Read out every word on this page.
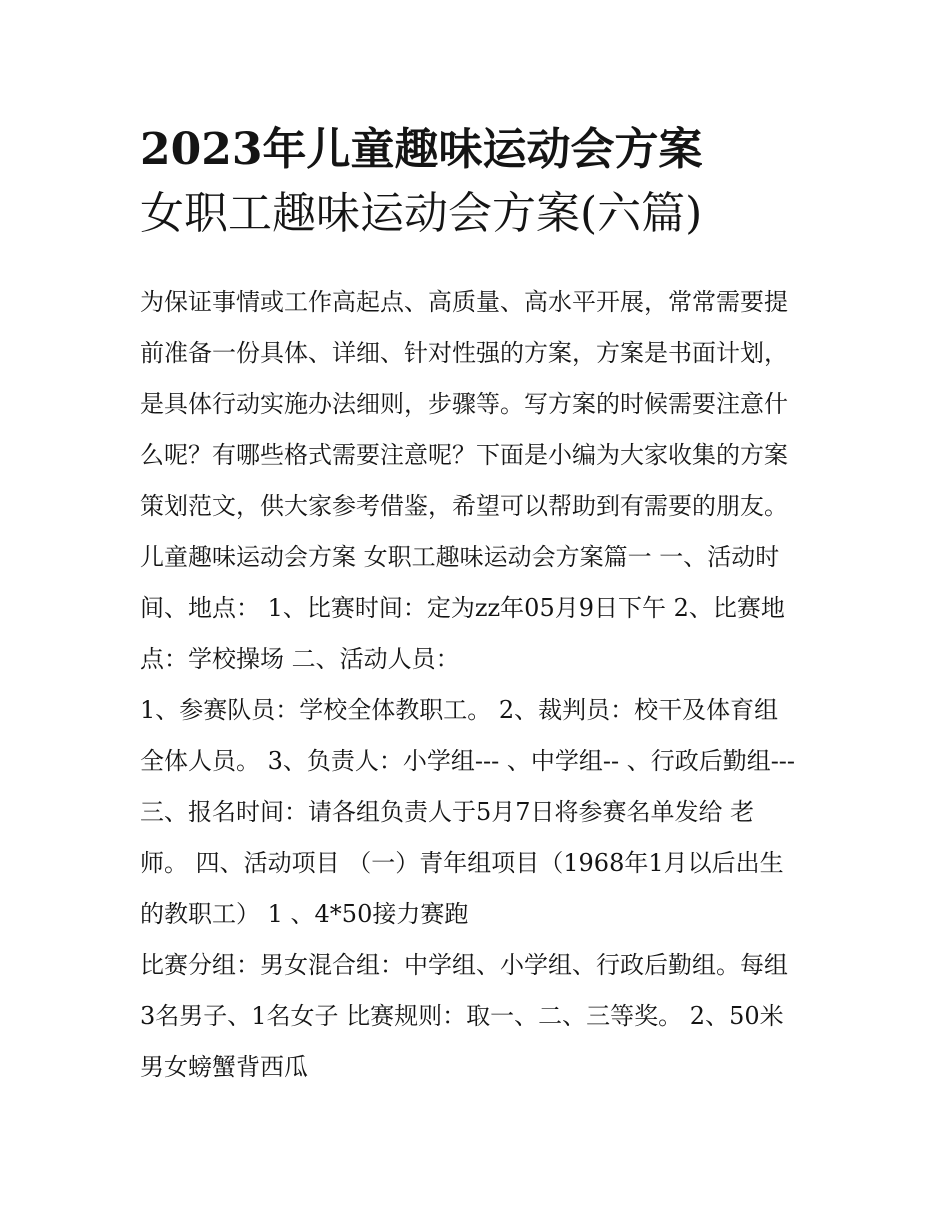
2023年儿童趣味运动会方案
女职工趣味运动会方案(六篇)
为保证事情或工作高起点、高质量、高水平开展，常常需要提
前准备一份具体、详细、针对性强的方案，方案是书面计划，
是具体行动实施办法细则，步骤等。写方案的时候需要注意什
么呢？有哪些格式需要注意呢？下面是小编为大家收集的方案
策划范文，供大家参考借鉴，希望可以帮助到有需要的朋友。
儿童趣味运动会方案 女职工趣味运动会方案篇一 一、活动时
间、地点： 1、比赛时间：定为zz年05月9日下午 2、比赛地
点：学校操场 二、活动人员：
1、参赛队员：学校全体教职工。 2、裁判员：校干及体育组
全体人员。 3、负责人：小学组--- 、中学组-- 、行政后勤组---
三、报名时间：请各组负责人于5月7日将参赛名单发给 老
师。 四、活动项目 （一）青年组项目（1968年1月以后出生
的教职工） 1 、4*50接力赛跑
比赛分组：男女混合组：中学组、小学组、行政后勤组。每组
3名男子、1名女子 比赛规则：取一、二、三等奖。 2、50米
男女螃蟹背西瓜
